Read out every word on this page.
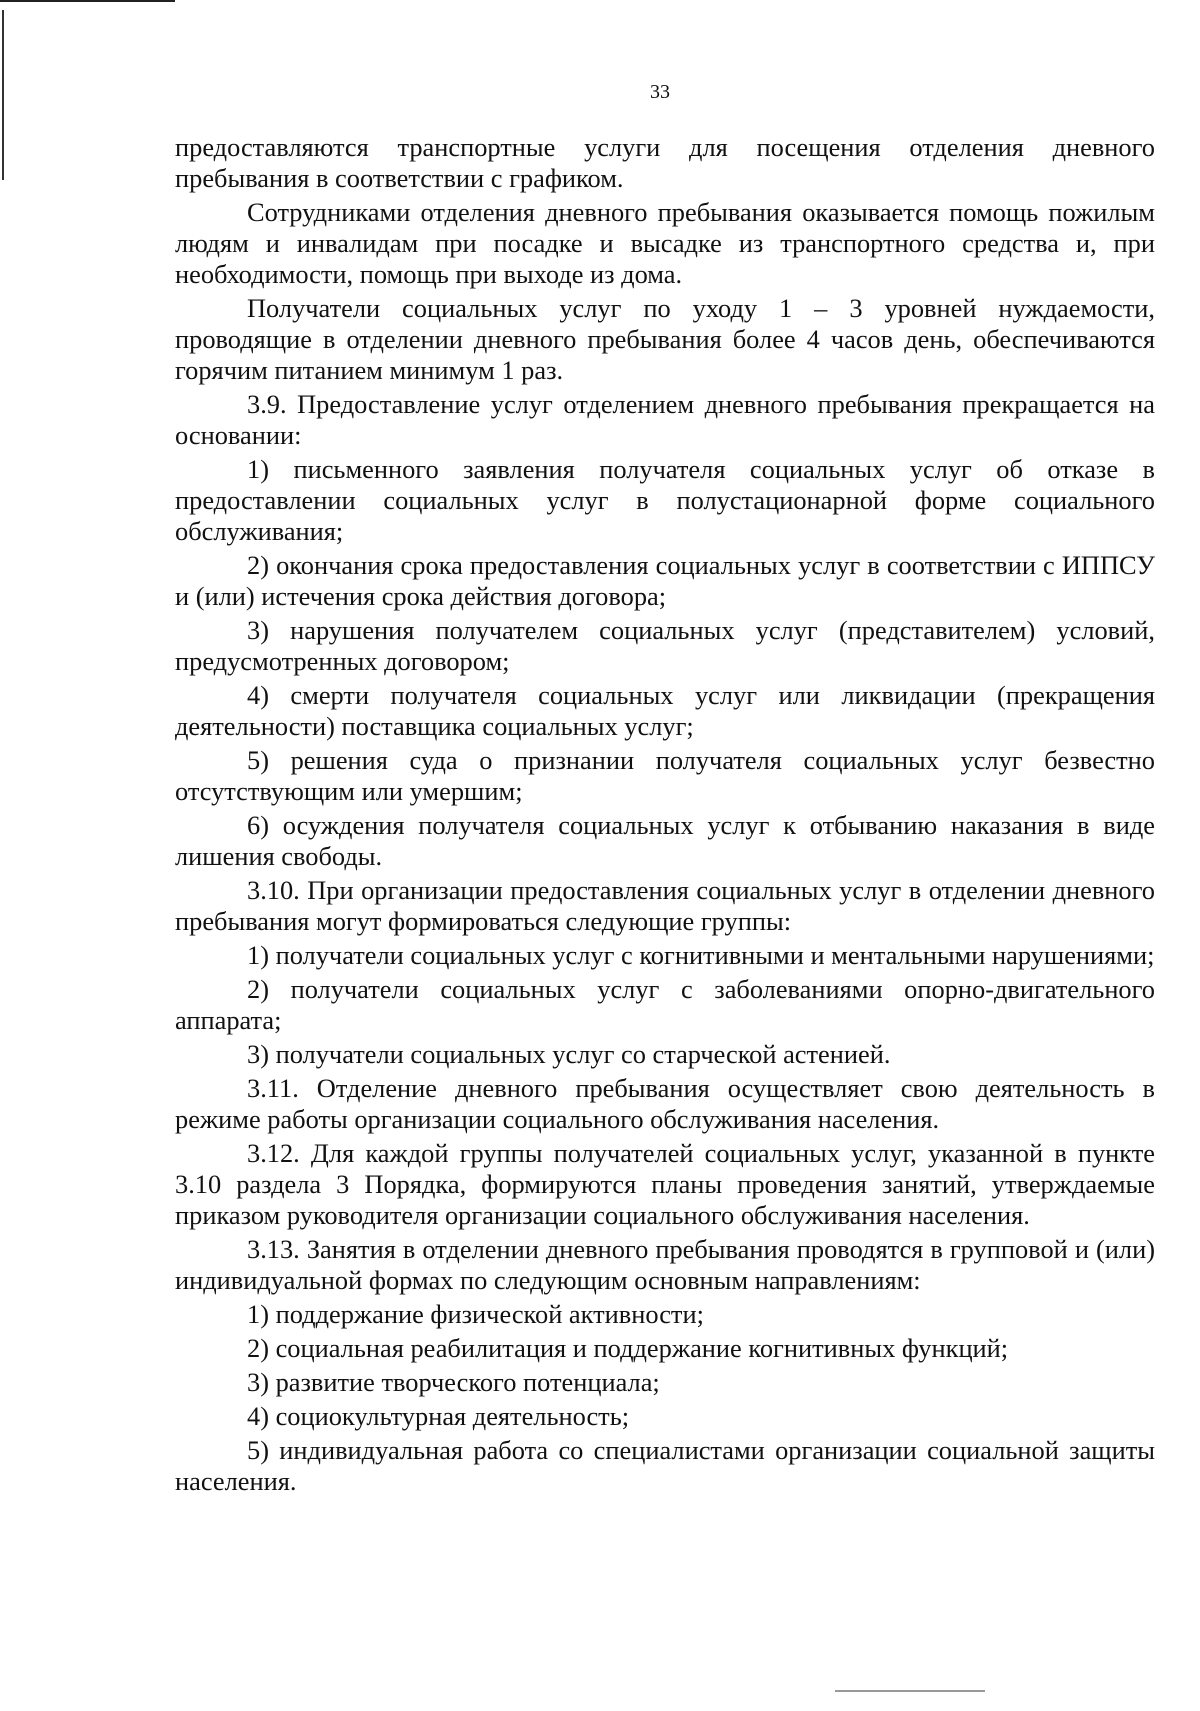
33

предоставляются транспортные услуги для посещения отделения дневного пребывания в соответствии с графиком.

Сотрудниками отделения дневного пребывания оказывается помощь пожилым людям и инвалидам при посадке и высадке из транспортного средства и, при необходимости, помощь при выходе из дома.

Получатели социальных услуг по уходу 1 – 3 уровней нуждаемости, проводящие в отделении дневного пребывания более 4 часов день, обеспечиваются горячим питанием минимум 1 раз.

3.9. Предоставление услуг отделением дневного пребывания прекращается на основании:

1) письменного заявления получателя социальных услуг об отказе в предоставлении социальных услуг в полустационарной форме социального обслуживания;

2) окончания срока предоставления социальных услуг в соответствии с ИППСУ и (или) истечения срока действия договора;

3) нарушения получателем социальных услуг (представителем) условий, предусмотренных договором;

4) смерти получателя социальных услуг или ликвидации (прекращения деятельности) поставщика социальных услуг;

5) решения суда о признании получателя социальных услуг безвестно отсутствующим или умершим;

6) осуждения получателя социальных услуг к отбыванию наказания в виде лишения свободы.

3.10. При организации предоставления социальных услуг в отделении дневного пребывания могут формироваться следующие группы:

1) получатели социальных услуг с когнитивными и ментальными нарушениями;

2) получатели социальных услуг с заболеваниями опорно-двигательного аппарата;

3) получатели социальных услуг со старческой астенией.

3.11. Отделение дневного пребывания осуществляет свою деятельность в режиме работы организации социального обслуживания населения.

3.12. Для каждой группы получателей социальных услуг, указанной в пункте 3.10 раздела 3 Порядка, формируются планы проведения занятий, утверждаемые приказом руководителя организации социального обслуживания населения.

3.13. Занятия в отделении дневного пребывания проводятся в групповой и (или) индивидуальной формах по следующим основным направлениям:

1) поддержание физической активности;

2) социальная реабилитация и поддержание когнитивных функций;

3) развитие творческого потенциала;

4) социокультурная деятельность;

5) индивидуальная работа со специалистами организации социальной защиты населения.
